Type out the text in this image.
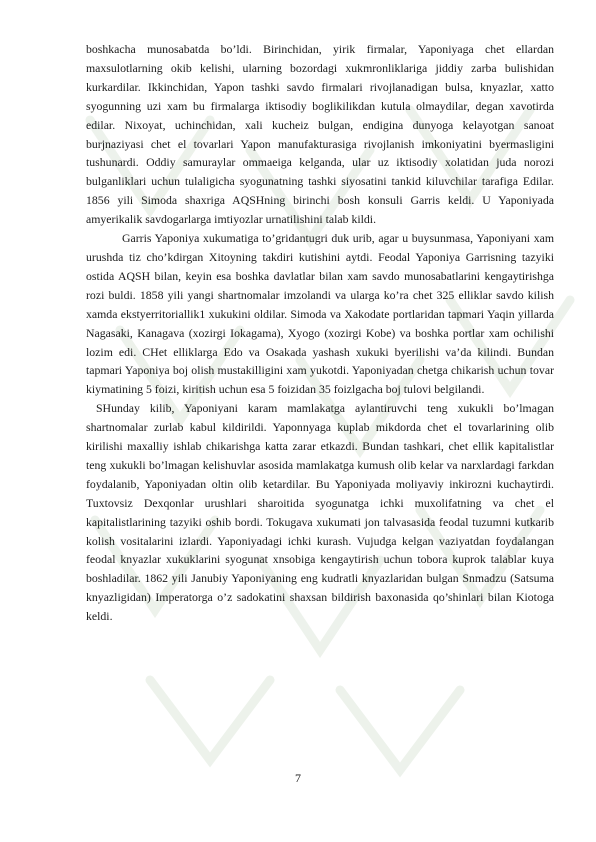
boshkacha munosabatda bo’ldi. Birinchidan, yirik firmalar, Yaponiyaga chet ellardan maxsulotlarning okib kelishi, ularning bozordagi xukmronliklariga jiddiy zarba bulishidan kurkardilar. Ikkinchidan, Yapon tashki savdo firmalari rivojlanadigan bulsa, knyazlar, xatto syogunning uzi xam bu firmalarga iktisodiy boglikilikdan kutula olmaydilar, degan xavotirda edilar. Nixoyat, uchinchidan, xali kucheiz bulgan, endigina dunyoga kelayotgan sanoat burjnaziyasi chet el tovarlari Yapon manufakturasiga rivojlanish imkoniyatini byermasligini tushunardi. Oddiy samuraylar ommaeiga kelganda, ular uz iktisodiy xolatidan juda norozi bulganliklari uchun tulaligicha syogunatning tashki siyosatini tankid kiluvchilar tarafiga Edilar. 1856 yili Simoda shaxriga AQSHning birinchi bosh konsuli Garris keldi. U Yaponiyada amyerikalik savdogarlarga imtiyozlar urnatilishini talab kildi.

Garris Yaponiya xukumatiga to’gridantugri duk urib, agar u buysunmasa, Yaponiyani xam urushda tiz cho’kdirgan Xitoyning takdiri kutishini aytdi. Feodal Yaponiya Garrisning tazyiki ostida AQSH bilan, keyin esa boshka davlatlar bilan xam savdo munosabatlarini kengaytirishga rozi buldi. 1858 yili yangi shartnomalar imzolandi va ularga ko’ra chet 325 elliklar savdo kilish xamda ekstyerritoriallik1 xukukini oldilar. Simoda va Xakodate portlaridan tapmari Yaqin yillarda Nagasaki, Kanagava (xozirgi Iokagama), Xyogo (xozirgi Kobe) va boshka portlar xam ochilishi lozim edi. CHet elliklarga Edo va Osakada yashash xukuki byerilishi va’da kilindi. Bundan tapmari Yaponiya boj olish mustakilligini xam yukotdi. Yaponiyadan chetga chikarish uchun tovar kiymatining 5 foizi, kiritish uchun esa 5 foizidan 35 foizlgacha boj tulovi belgilandi.

SHunday kilib, Yaponiyani karam mamlakatga aylantiruvchi teng xukukli bo’lmagan shartnomalar zurlab kabul kildirildi. Yaponnyaga kuplab mikdorda chet el tovarlarining olib kirilishi maxalliy ishlab chikarishga katta zarar etkazdi. Bundan tashkari, chet ellik kapitalistlar teng xukukli bo’lmagan kelishuvlar asosida mamlakatga kumush olib kelar va narxlardagi farkdan foydalanib, Yaponiyadan oltin olib ketardilar. Bu Yaponiyada moliyaviy inkirozni kuchaytirdi. Tuxtovsiz Dexqonlar urushlari sharoitida syogunatga ichki muxolifatning va chet el kapitalistlarining tazyiki oshib bordi. Tokugava xukumati jon talvasasida feodal tuzumni kutkarib kolish vositalarini izlardi. Yaponiyadagi ichki kurash. Vujudga kelgan vaziyatdan foydalangan feodal knyazlar xukuklarini syogunat xnsobiga kengaytirish uchun tobora kuprok talablar kuya boshladilar. 1862 yili Janubiy Yaponiyaning eng kudratli knyazlaridan bulgan Snmadzu (Satsuma knyazligidan) Imperatorga o’z sadokatini shaxsan bildirish baxonasida qo’shinlari bilan Kiotoga keldi.

7
